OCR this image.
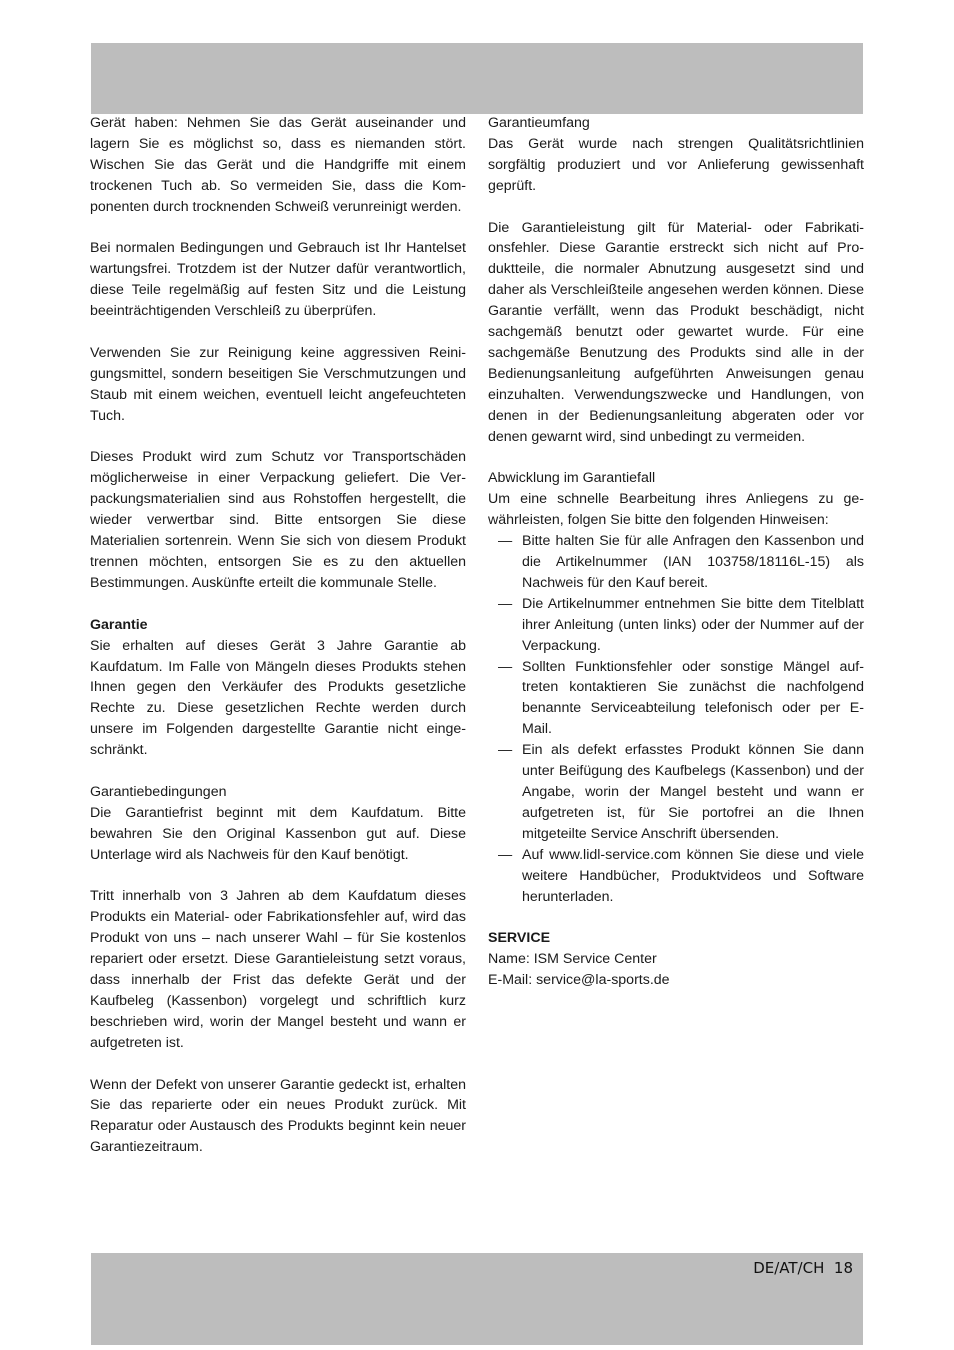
Gerät haben: Nehmen Sie das Gerät auseinander und lagern Sie es möglichst so, dass es niemanden stört. Wischen Sie das Gerät und die Handgriffe mit einem trockenen Tuch ab. So vermeiden Sie, dass die Komponenten durch trocknenden Schweiß verunreinigt werden.

Bei normalen Bedingungen und Gebrauch ist Ihr Hantelset wartungsfrei. Trotzdem ist der Nutzer dafür verantwortlich, diese Teile regelmäßig auf festen Sitz und die Leistung beeinträchtigenden Verschleiß zu überprüfen.

Verwenden Sie zur Reinigung keine aggressiven Reinigungsmittel, sondern beseitigen Sie Verschmutzungen und Staub mit einem weichen, eventuell leicht angefeuchteten Tuch.

Dieses Produkt wird zum Schutz vor Transportschäden möglicherweise in einer Verpackung geliefert. Die Verpackungsmaterialien sind aus Rohstoffen hergestellt, die wieder verwertbar sind. Bitte entsorgen Sie diese Materialien sortenrein. Wenn Sie sich von diesem Produkt trennen möchten, entsorgen Sie es zu den aktuellen Bestimmungen. Auskünfte erteilt die kommunale Stelle.

Garantie

Sie erhalten auf dieses Gerät 3 Jahre Garantie ab Kaufdatum. Im Falle von Mängeln dieses Produkts stehen Ihnen gegen den Verkäufer des Produkts gesetzliche Rechte zu. Diese gesetzlichen Rechte werden durch unsere im Folgenden dargestellte Garantie nicht eingeschränkt.

Garantiebedingungen

Die Garantiefrist beginnt mit dem Kaufdatum. Bitte bewahren Sie den Original Kassenbon gut auf. Diese Unterlage wird als Nachweis für den Kauf benötigt.

Tritt innerhalb von 3 Jahren ab dem Kaufdatum dieses Produkts ein Material- oder Fabrikationsfehler auf, wird das Produkt von uns – nach unserer Wahl – für Sie kostenlos repariert oder ersetzt. Diese Garantieleistung setzt voraus, dass innerhalb der Frist das defekte Gerät und der Kaufbeleg (Kassenbon) vorgelegt und schriftlich kurz beschrieben wird, worin der Mangel besteht und wann er aufgetreten ist.

Wenn der Defekt von unserer Garantie gedeckt ist, erhalten Sie das reparierte oder ein neues Produkt zurück. Mit Reparatur oder Austausch des Produkts beginnt kein neuer Garantiezeitraum.

Garantieumfang

Das Gerät wurde nach strengen Qualitätsrichtlinien sorgfältig produziert und vor Anlieferung gewissenhaft geprüft.

Die Garantieleistung gilt für Material- oder Fabrikationsfehler. Diese Garantie erstreckt sich nicht auf Produktteile, die normaler Abnutzung ausgesetzt sind und daher als Verschleißteile angesehen werden können. Diese Garantie verfällt, wenn das Produkt beschädigt, nicht sachgemäß benutzt oder gewartet wurde. Für eine sachgemäße Benutzung des Produkts sind alle in der Bedienungsanleitung aufgeführten Anweisungen genau einzuhalten. Verwendungszwecke und Handlungen, von denen in der Bedienungsanleitung abgeraten oder vor denen gewarnt wird, sind unbedingt zu vermeiden.

Abwicklung im Garantiefall

Um eine schnelle Bearbeitung ihres Anliegens zu gewährleisten, folgen Sie bitte den folgenden Hinweisen:

— Bitte halten Sie für alle Anfragen den Kassenbon und die Artikelnummer (IAN 103758/18116L-15) als Nachweis für den Kauf bereit.
— Die Artikelnummer entnehmen Sie bitte dem Titelblatt ihrer Anleitung (unten links) oder der Nummer auf der Verpackung.
— Sollten Funktionsfehler oder sonstige Mängel auftreten kontaktieren Sie zunächst die nachfolgend benannte Serviceabteilung telefonisch oder per E-Mail.
— Ein als defekt erfasstes Produkt können Sie dann unter Beifügung des Kaufbelegs (Kassenbon) und der Angabe, worin der Mangel besteht und wann er aufgetreten ist, für Sie portofrei an die Ihnen mitgeteilte Service Anschrift übersenden.
— Auf www.lidl-service.com können Sie diese und viele weitere Handbücher, Produktvideos und Software herunterladen.

SERVICE

Name: ISM Service Center

E-Mail: service@la-sports.de

DE/AT/CH 18
